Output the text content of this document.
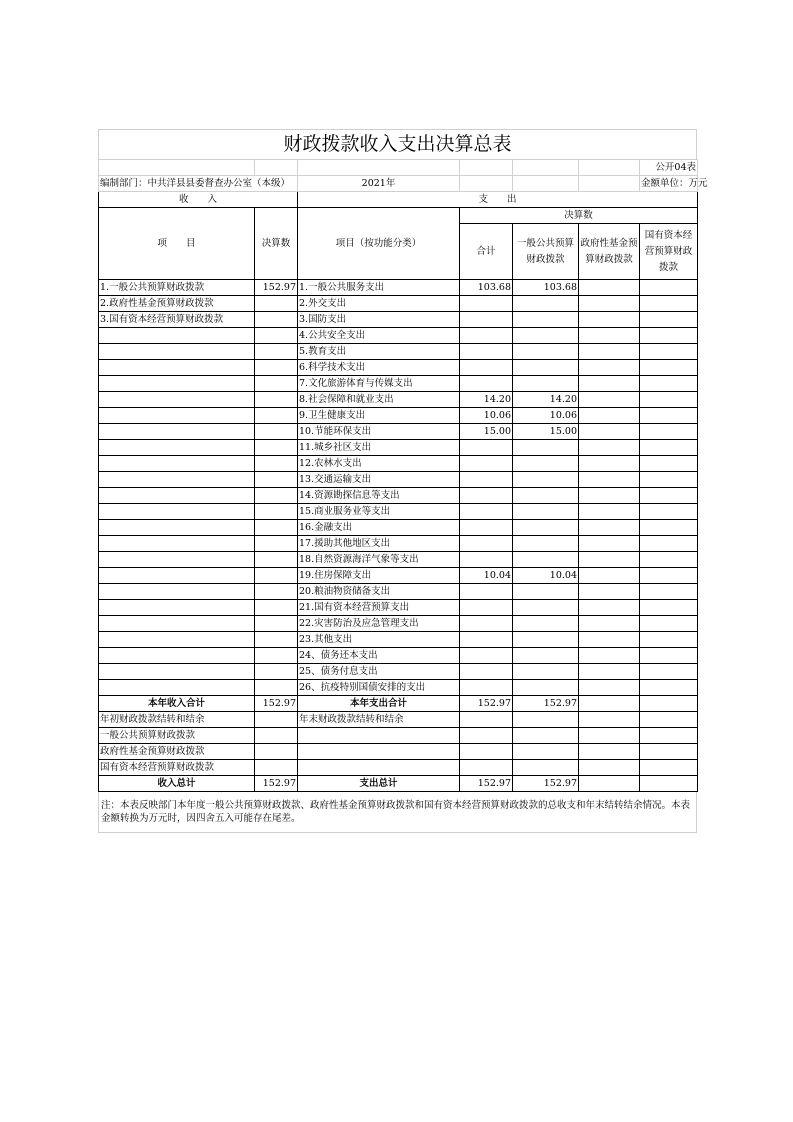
财政拨款收入支出决算总表
						公开04表
编制部门：中共洋县县委督查办公室（本级）		2021年				金额单位：万元
收　　入		支　　出				
项　　目	决算数	项目（按功能分类）	决算数			
			合计	一般公共预算财政拨款	政府性基金预算财政拨款	国有资本经营预算财政拨款
1.一般公共预算财政拨款	152.97	1.一般公共服务支出	103.68	103.68		
2.政府性基金预算财政拨款		2.外交支出				
3.国有资本经营预算财政拨款		3.国防支出				
		4.公共安全支出				
		5.教育支出				
		6.科学技术支出				
		7.文化旅游体育与传媒支出				
		8.社会保障和就业支出	14.20	14.20		
		9.卫生健康支出	10.06	10.06		
		10.节能环保支出	15.00	15.00		
		11.城乡社区支出				
		12.农林水支出				
		13.交通运输支出				
		14.资源勘探信息等支出				
		15.商业服务业等支出				
		16.金融支出				
		17.援助其他地区支出				
		18.自然资源海洋气象等支出				
		19.住房保障支出	10.04	10.04		
		20.粮油物资储备支出				
		21.国有资本经营预算支出				
		22.灾害防治及应急管理支出				
		23.其他支出				
		24、债务还本支出				
		25、债务付息支出				
		26、抗疫特别国债安排的支出				
本年收入合计	152.97	本年支出合计	152.97	152.97		
年初财政拨款结转和结余		年末财政拨款结转和结余				
一般公共预算财政拨款						
政府性基金预算财政拨款						
国有资本经营预算财政拨款						
收入总计	152.97	支出总计	152.97	152.97		
注：本表反映部门本年度一般公共预算财政拨款、政府性基金预算财政拨款和国有资本经营预算财政拨款的总收支和年末结转结余情况。本表金额转换为万元时，因四舍五入可能存在尾差。
